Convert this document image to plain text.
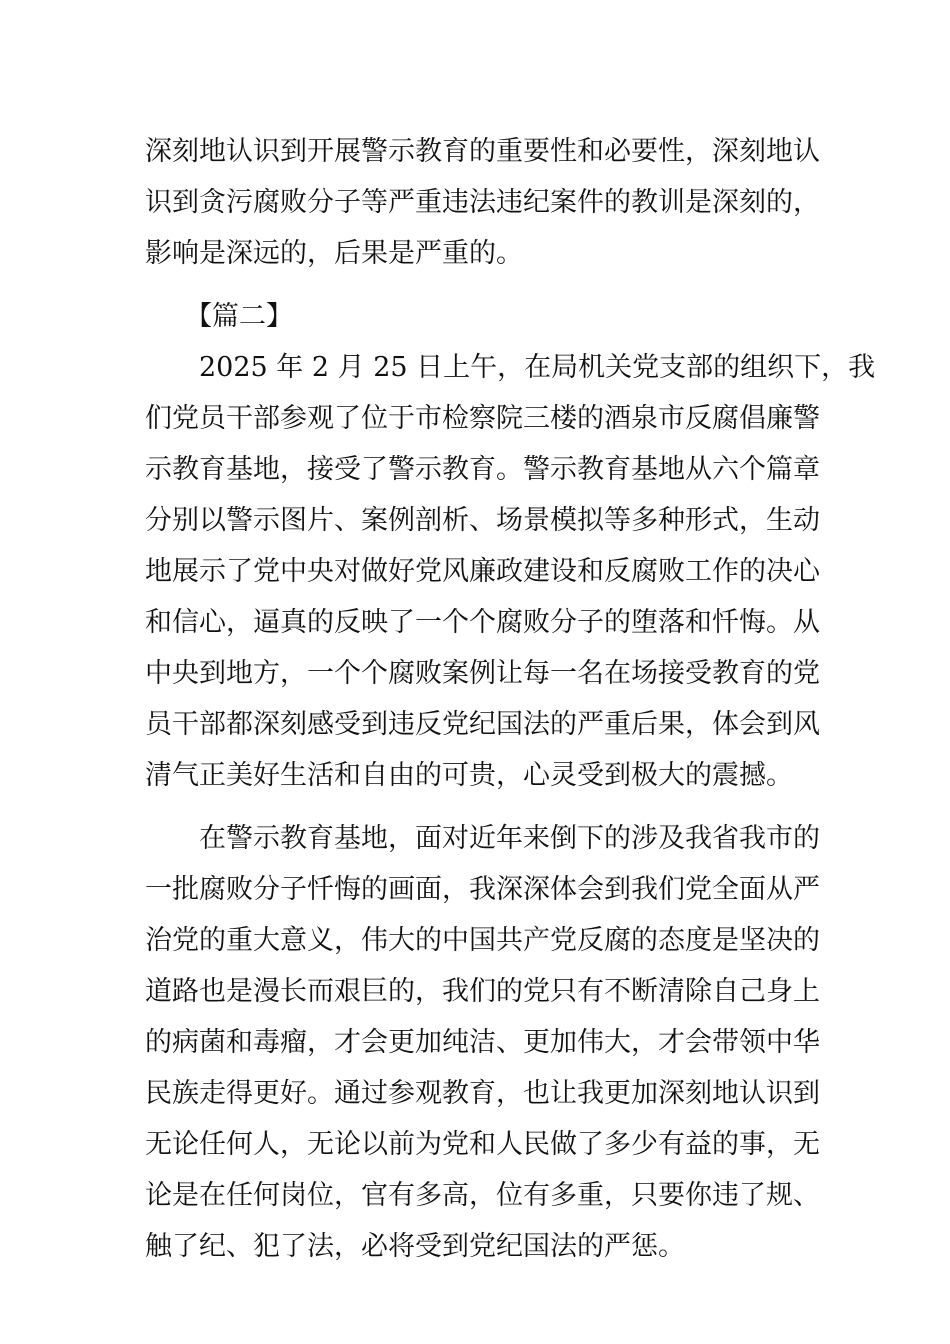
深刻地认识到开展警示教育的重要性和必要性，深刻地认
识到贪污腐败分子等严重违法违纪案件的教训是深刻的，
影响是深远的，后果是严重的。
【篇二】
2025 年 2 月 25 日上午，在局机关党支部的组织下，我
们党员干部参观了位于市检察院三楼的酒泉市反腐倡廉警
示教育基地，接受了警示教育。警示教育基地从六个篇章
分别以警示图片、案例剖析、场景模拟等多种形式，生动
地展示了党中央对做好党风廉政建设和反腐败工作的决心
和信心，逼真的反映了一个个腐败分子的堕落和忏悔。从
中央到地方，一个个腐败案例让每一名在场接受教育的党
员干部都深刻感受到违反党纪国法的严重后果，体会到风
清气正美好生活和自由的可贵，心灵受到极大的震撼。
在警示教育基地，面对近年来倒下的涉及我省我市的
一批腐败分子忏悔的画面，我深深体会到我们党全面从严
治党的重大意义，伟大的中国共产党反腐的态度是坚决的
道路也是漫长而艰巨的，我们的党只有不断清除自己身上
的病菌和毒瘤，才会更加纯洁、更加伟大，才会带领中华
民族走得更好。通过参观教育，也让我更加深刻地认识到
无论任何人，无论以前为党和人民做了多少有益的事，无
论是在任何岗位，官有多高，位有多重，只要你违了规、
触了纪、犯了法，必将受到党纪国法的严惩。
